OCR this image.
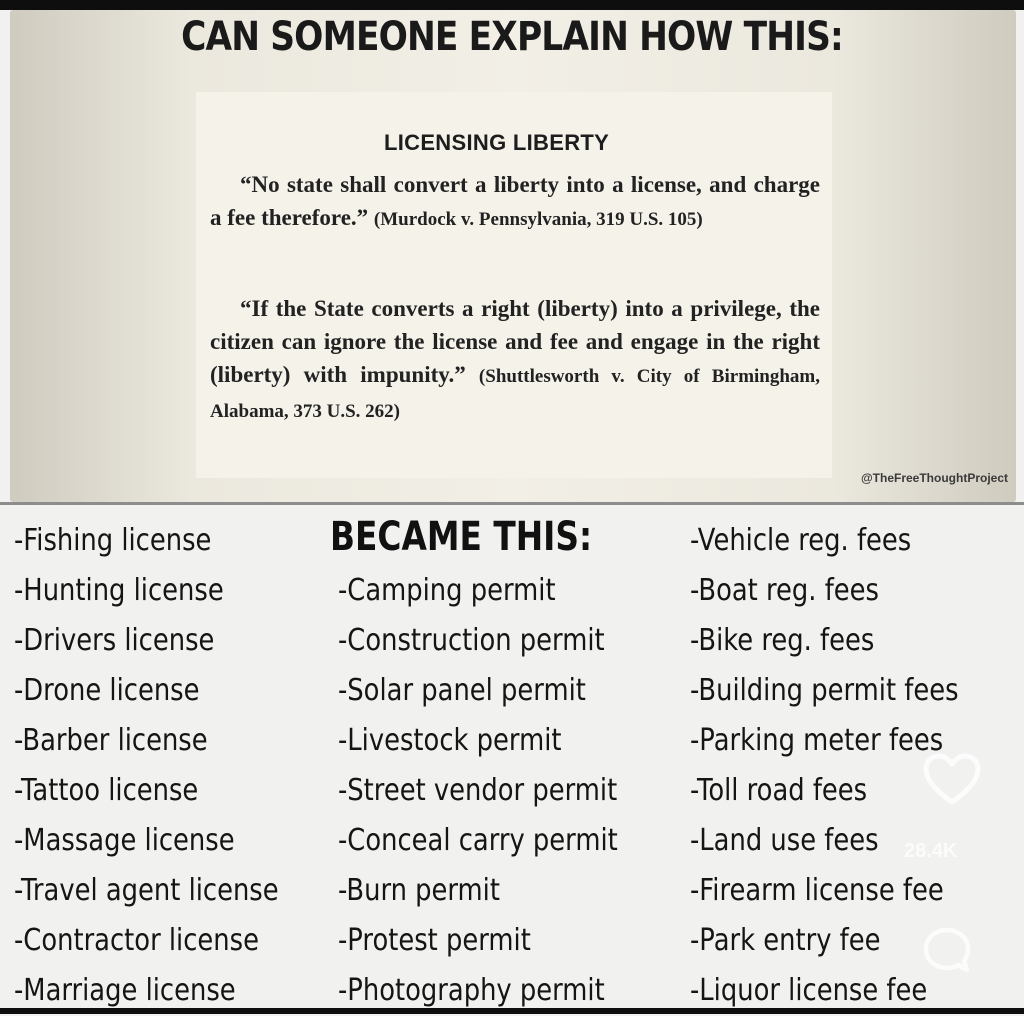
CAN SOMEONE EXPLAIN HOW THIS:
LICENSING LIBERTY
“No state shall convert a liberty into a license, and charge a fee therefore.” (Murdock v. Pennsylvania, 319 U.S. 105)
“If the State converts a right (liberty) into a privilege, the citizen can ignore the license and fee and engage in the right (liberty) with impunity.” (Shuttlesworth v. City of Birmingham, Alabama, 373 U.S. 262)
@TheFreeThoughtProject
BECAME THIS:
-Fishing license
-Hunting license
-Drivers license
-Drone license
-Barber license
-Tattoo license
-Massage license
-Travel agent license
-Contractor license
-Marriage license
-Camping permit
-Construction permit
-Solar panel permit
-Livestock permit
-Street vendor permit
-Conceal carry permit
-Burn permit
-Protest permit
-Photography permit
-Vehicle reg. fees
-Boat reg. fees
-Bike reg. fees
-Building permit fees
-Parking meter fees
-Toll road fees
-Land use fees
-Firearm license fee
-Park entry fee
-Liquor license fee
28.4K
